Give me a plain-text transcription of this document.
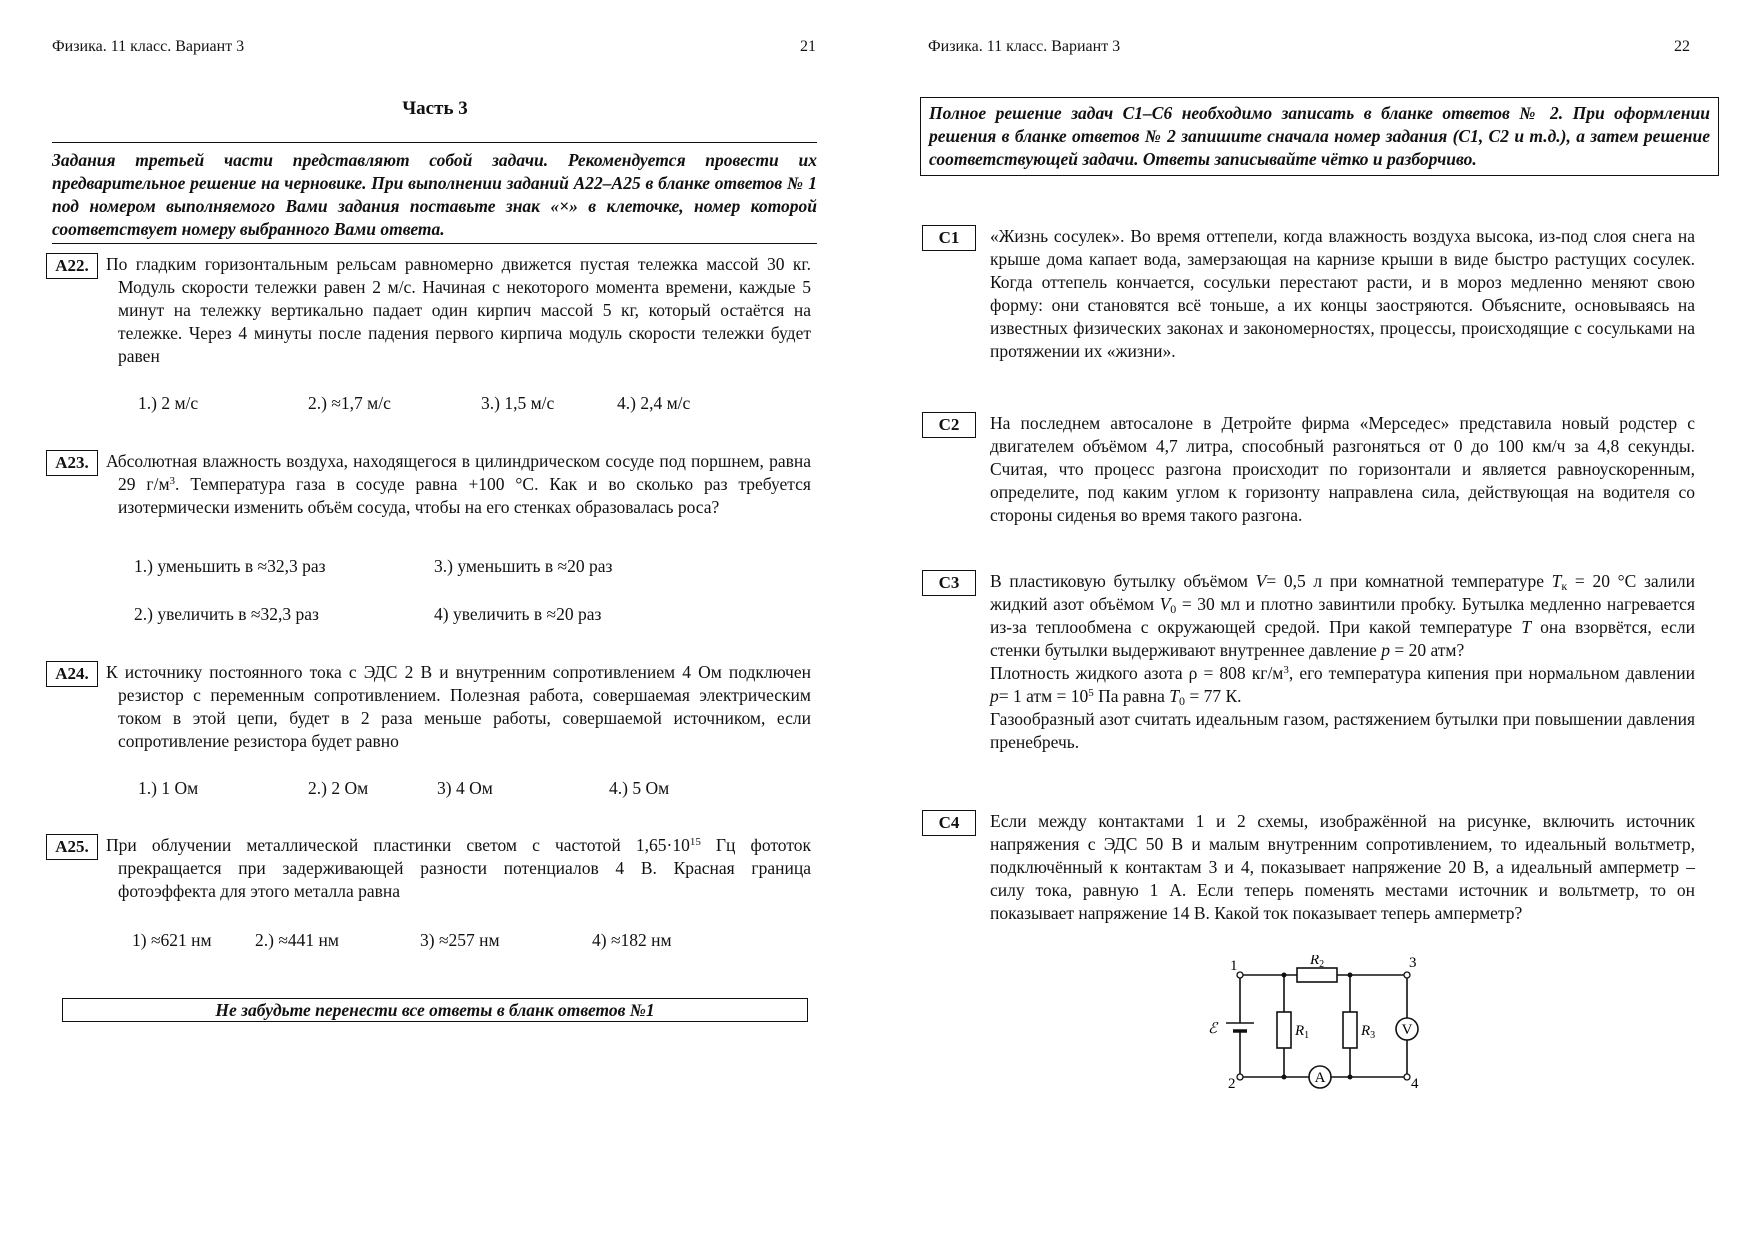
Физика. 11 класс. Вариант 3	21
Часть 3
Задания третьей части представляют собой задачи. Рекомендуется провести их предварительное решение на черновике. При выполнении заданий А22–А25 в бланке ответов № 1 под номером выполняемого Вами задания поставьте знак «×» в клеточке, номер которой соответствует номеру выбранного Вами ответа.
А22. По гладким горизонтальным рельсам равномерно движется пустая тележка массой 30 кг. Модуль скорости тележки равен 2 м/с. Начиная с некоторого момента времени, каждые 5 минут на тележку вертикально падает один кирпич массой 5 кг, который остаётся на тележке. Через 4 минуты после падения первого кирпича модуль скорости тележки будет равен
1.) 2 м/с	2.) ≈1,7 м/с	3.) 1,5 м/с	4.) 2,4 м/с
А23. Абсолютная влажность воздуха, находящегося в цилиндрическом сосуде под поршнем, равна 29 $г/м^3$. Температура газа в сосуде равна +100 °С. Как и во сколько раз требуется изотермически изменить объём сосуда, чтобы на его стенках образовалась роса?
1.) уменьшить в ≈32,3 раз	3.) уменьшить в ≈20 раз
2.) увеличить в ≈32,3 раз	4) увеличить в ≈20 раз
А24. К источнику постоянного тока с ЭДС 2 В и внутренним сопротивлением 4 Ом подключен резистор с переменным сопротивлением. Полезная работа, совершаемая электрическим током в этой цепи, будет в 2 раза меньше работы, совершаемой источником, если сопротивление резистора будет равно
1.) 1 Ом	2.) 2 Ом	3) 4 Ом	4.) 5 Ом
А25. При облучении металлической пластинки светом с частотой $1,65\cdot 10^{15}$ Гц фототок прекращается при задерживающей разности потенциалов 4 В. Красная граница фотоэффекта для этого металла равна
1) ≈621 нм 2.) ≈441 нм	3) ≈257 нм	4) ≈182 нм
Не забудьте перенести все ответы в бланк ответов №1
Физика. 11 класс. Вариант 3	22
Полное решение задач С1–С6 необходимо записать в бланке ответов № 2. При оформлении решения в бланке ответов № 2 запишите сначала номер задания (С1, С2 и т.д.), а затем решение соответствующей задачи. Ответы записывайте чётко и разборчиво.
С1	«Жизнь сосулек». Во время оттепели, когда влажность воздуха высока, из-под слоя снега на крыше дома капает вода, замерзающая на карнизе крыши в виде быстро растущих сосулек. Когда оттепель кончается, сосульки перестают расти, и в мороз медленно меняют свою форму: они становятся всё тоньше, а их концы заостряются. Объясните, основываясь на известных физических законах и закономерностях, процессы, происходящие с сосульками на протяжении их «жизни».
С2	На последнем автосалоне в Детройте фирма «Мерседес» представила новый родстер с двигателем объёмом 4,7 литра, способный разгоняться от 0 до 100 км/ч за 4,8 секунды. Считая, что процесс разгона происходит по горизонтали и является равноускоренным, определите, под каким углом к горизонту направлена сила, действующая на водителя со стороны сиденья во время такого разгона.
С3	В пластиковую бутылку объёмом V= 0,5 л при комнатной температуре $T_к = 20$ °С залили жидкий азот объёмом $V_0 = 30$ мл и плотно завинтили пробку. Бутылка медленно нагревается из-за теплообмена с окружающей средой. При какой температуре T она взорвётся, если стенки бутылки выдерживают внутреннее давление p = 20 атм?
Плотность жидкого азота ρ = 808 $кг/м^3$, его температура кипения при нормальном давлении p= 1 атм = $10^5$ Па равна $T_0 = 77$ К.
Газообразный азот считать идеальным газом, растяжением бутылки при повышении давления пренебречь.
С4	Если между контактами 1 и 2 схемы, изображённой на рисунке, включить источник напряжения с ЭДС 50 В и малым внутренним сопротивлением, то идеальный вольтметр, подключённый к контактам 3 и 4, показывает напряжение 20 В, а идеальный амперметр – силу тока, равную 1 А. Если теперь поменять местами источник и вольтметр, то он показывает напряжение 14 В. Какой ток показывает теперь амперметр?
ℰ
$R_2$
$R_1$	$R_3$
A
V
1
2
3
4
